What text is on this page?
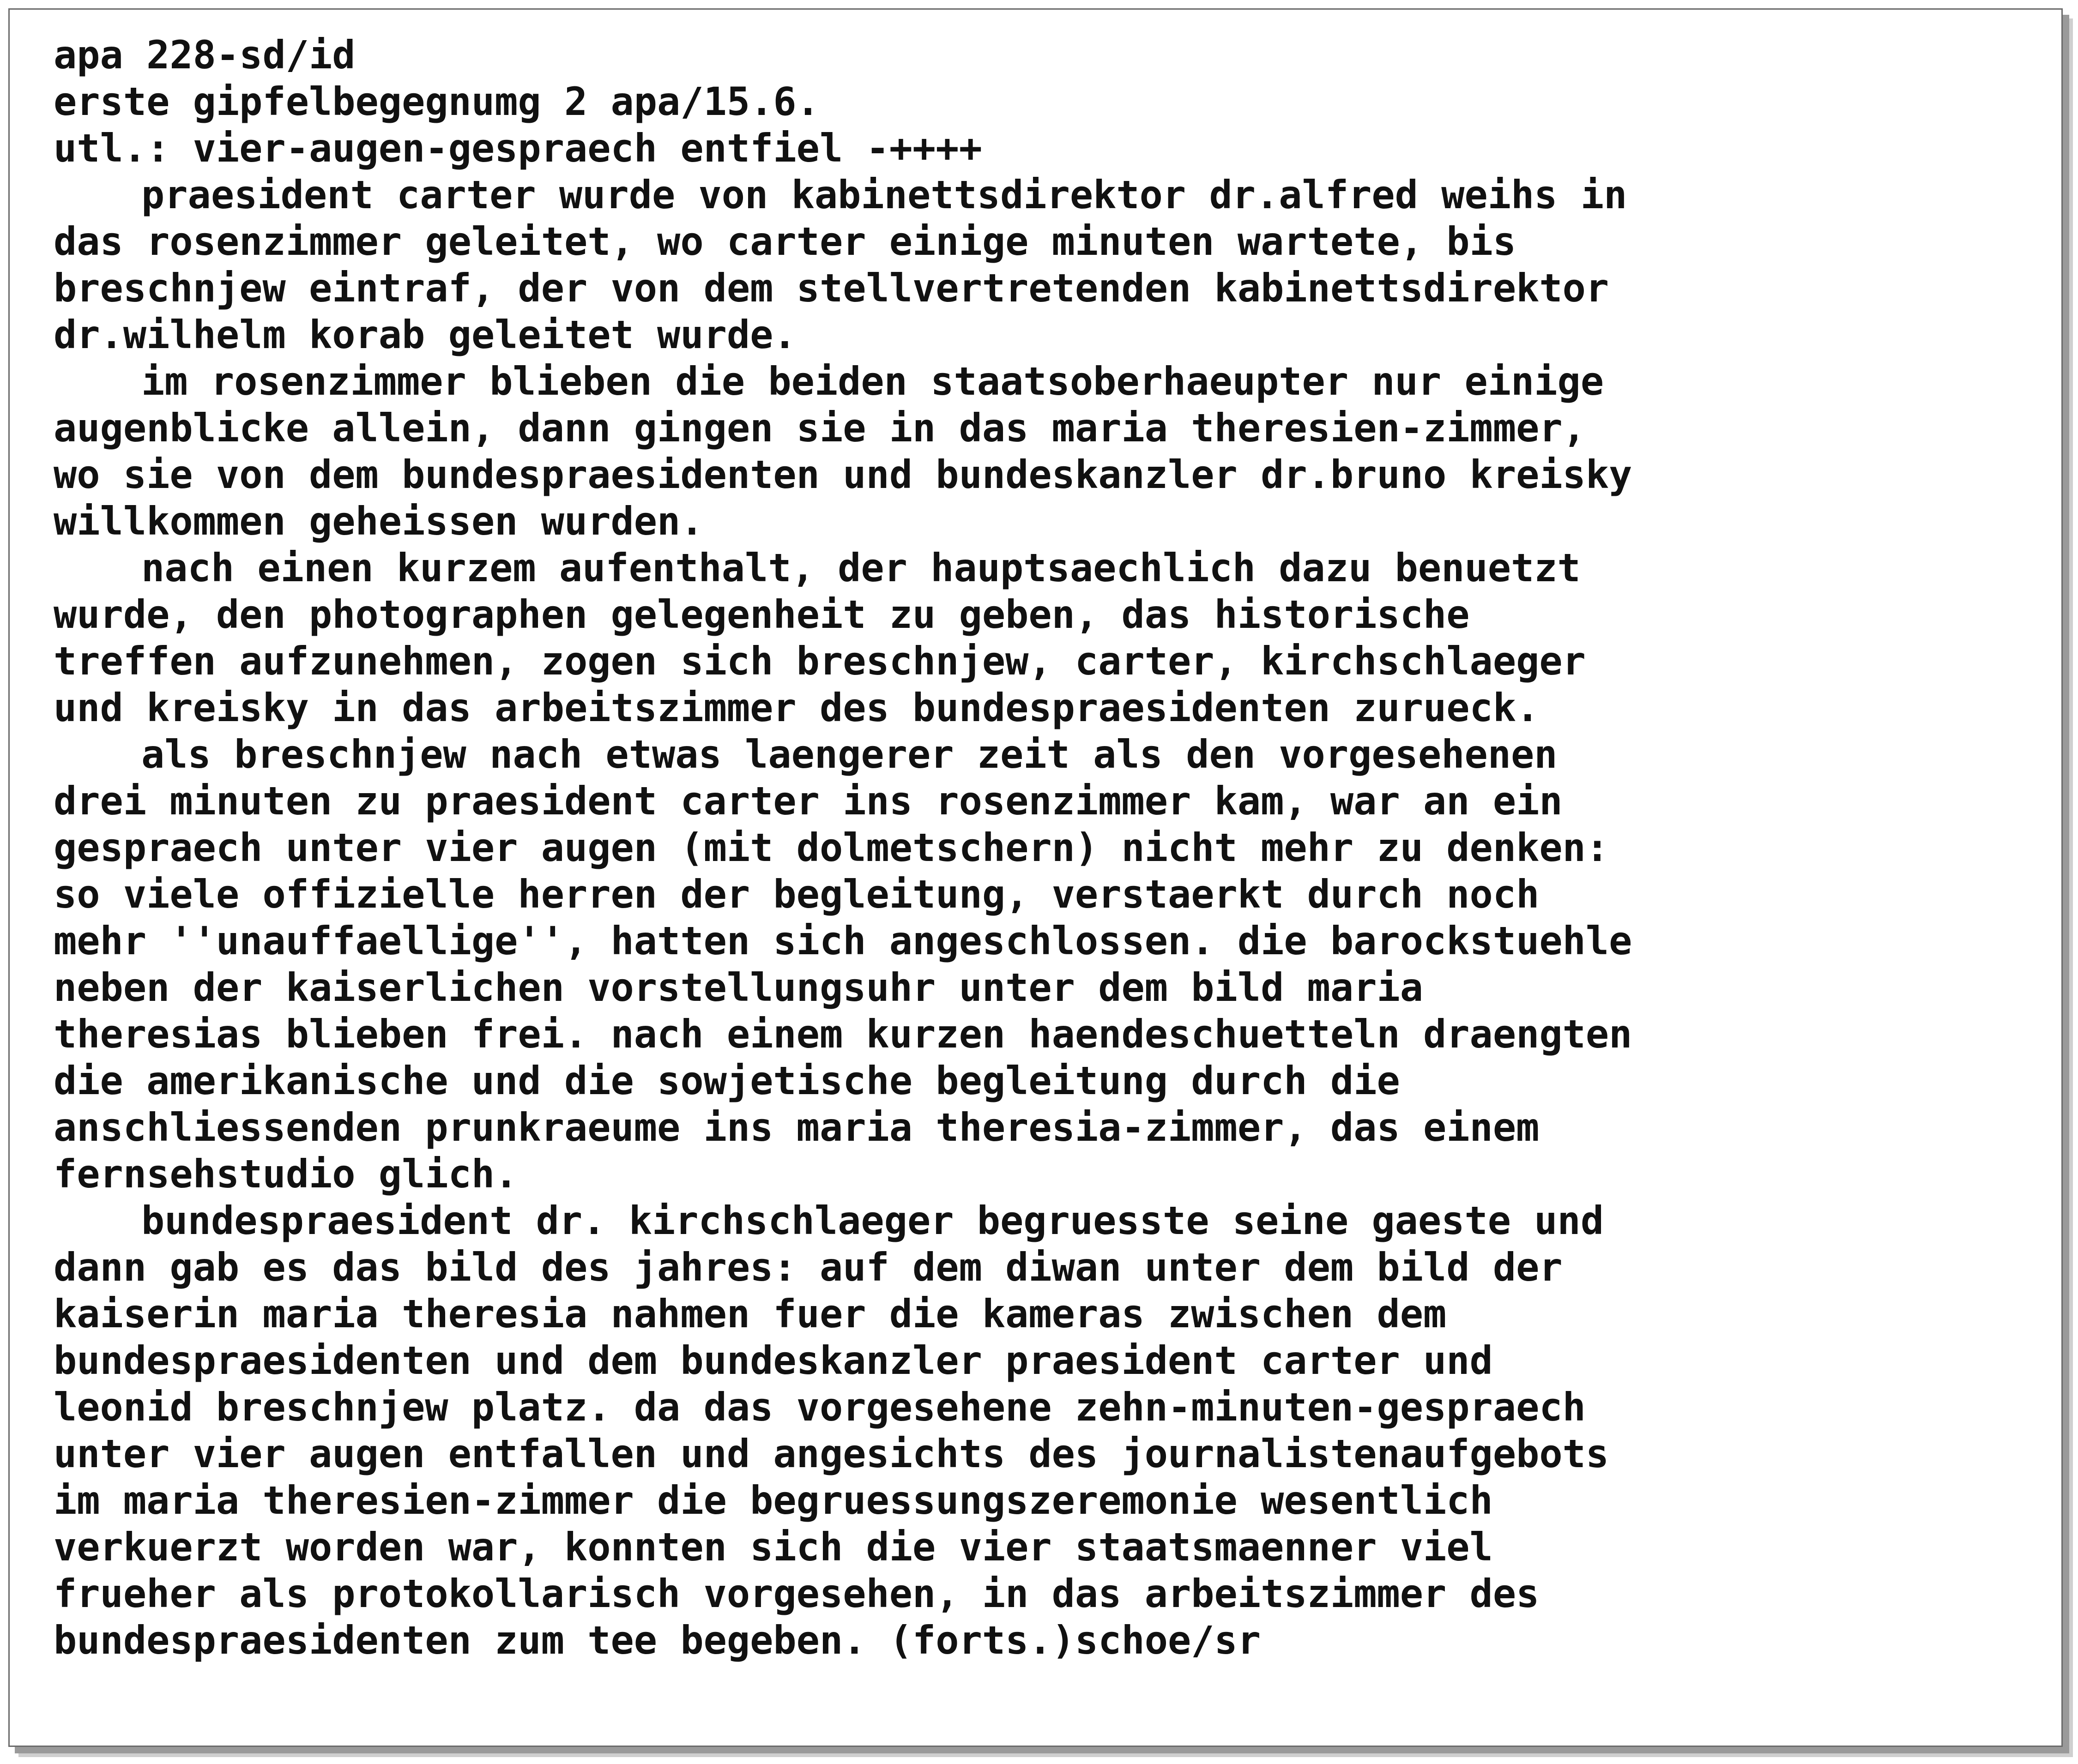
apa 228-sd/id
erste gipfelbegegnumg 2 apa/15.6.
utl.: vier-augen-gespraech entfiel -++++
praesident carter wurde von kabinettsdirektor dr.alfred weihs in
das rosenzimmer geleitet, wo carter einige minuten wartete, bis
breschnjew eintraf, der von dem stellvertretenden kabinettsdirektor
dr.wilhelm korab geleitet wurde.
im rosenzimmer blieben die beiden staatsoberhaeupter nur einige
augenblicke allein, dann gingen sie in das maria theresien-zimmer,
wo sie von dem bundespraesidenten und bundeskanzler dr.bruno kreisky
willkommen geheissen wurden.
nach einen kurzem aufenthalt, der hauptsaechlich dazu benuetzt
wurde, den photographen gelegenheit zu geben, das historische
treffen aufzunehmen, zogen sich breschnjew, carter, kirchschlaeger
und kreisky in das arbeitszimmer des bundespraesidenten zurueck.
als breschnjew nach etwas laengerer zeit als den vorgesehenen
drei minuten zu praesident carter ins rosenzimmer kam, war an ein
gespraech unter vier augen (mit dolmetschern) nicht mehr zu denken:
so viele offizielle herren der begleitung, verstaerkt durch noch
mehr ''unauffaellige'', hatten sich angeschlossen. die barockstuehle
neben der kaiserlichen vorstellungsuhr unter dem bild maria
theresias blieben frei. nach einem kurzen haendeschuetteln draengten
die amerikanische und die sowjetische begleitung durch die
anschliessenden prunkraeume ins maria theresia-zimmer, das einem
fernsehstudio glich.
bundespraesident dr. kirchschlaeger begruesste seine gaeste und
dann gab es das bild des jahres: auf dem diwan unter dem bild der
kaiserin maria theresia nahmen fuer die kameras zwischen dem
bundespraesidenten und dem bundeskanzler praesident carter und
leonid breschnjew platz. da das vorgesehene zehn-minuten-gespraech
unter vier augen entfallen und angesichts des journalistenaufgebots
im maria theresien-zimmer die begruessungszeremonie wesentlich
verkuerzt worden war, konnten sich die vier staatsmaenner viel
frueher als protokollarisch vorgesehen, in das arbeitszimmer des
bundespraesidenten zum tee begeben. (forts.)schoe/sr
